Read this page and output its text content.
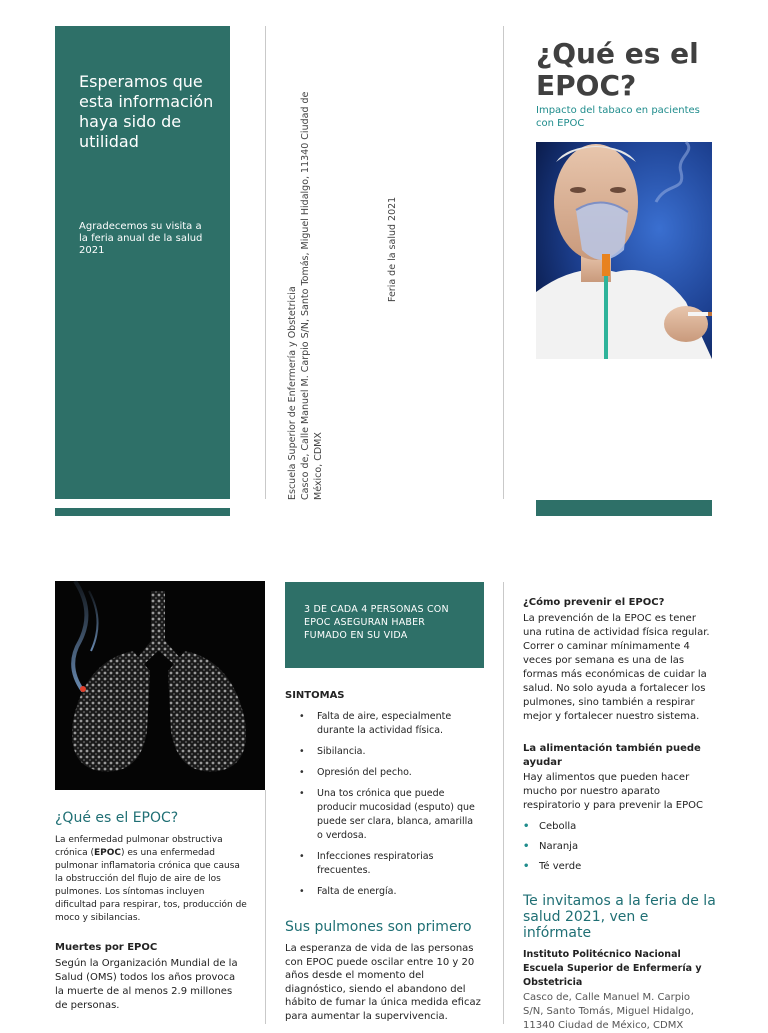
Esperamos que esta información haya sido de utilidad
Agradecemos su visita a la feria anual de la salud 2021
Escuela Superior de Enfermería y Obstetricia Casco de, Calle Manuel M. Carpio S/N, Santo Tomás, Miguel Hidalgo, 11340 Ciudad de México, CDMX
Feria de la salud 2021
¿Qué es el EPOC?
Impacto del tabaco en pacientes con EPOC
¿Qué es el EPOC?
La enfermedad pulmonar obstructiva crónica (EPOC) es una enfermedad pulmonar inflamatoria crónica que causa la obstrucción del flujo de aire de los pulmones. Los síntomas incluyen dificultad para respirar, tos, producción de moco y sibilancias.
Muertes por EPOC
Según la Organización Mundial de la Salud (OMS) todos los años provoca la muerte de al menos 2.9 millones de personas.
3 DE CADA 4 PERSONAS CON EPOC ASEGURAN HABER FUMADO EN SU VIDA
SINTOMAS
• Falta de aire, especialmente durante la actividad física.
• Sibilancia.
• Opresión del pecho.
• Una tos crónica que puede producir mucosidad (esputo) que puede ser clara, blanca, amarilla o verdosa.
• Infecciones respiratorias frecuentes.
• Falta de energía.
Sus pulmones son primero
La esperanza de vida de las personas con EPOC puede oscilar entre 10 y 20 años desde el momento del diagnóstico, siendo el abandono del hábito de fumar la única medida eficaz para aumentar la supervivencia.
¿Cómo prevenir el EPOC?
La prevención de la EPOC es tener una rutina de actividad física regular. Correr o caminar mínimamente 4 veces por semana es una de las formas más económicas de cuidar la salud. No solo ayuda a fortalecer los pulmones, sino también a respirar mejor y fortalecer nuestro sistema.
La alimentación también puede ayudar
Hay alimentos que pueden hacer mucho por nuestro aparato respiratorio y para prevenir la EPOC
• Cebolla
• Naranja
• Té verde
Te invitamos a la feria de la salud 2021, ven e infórmate
Instituto Politécnico Nacional Escuela Superior de Enfermería y Obstetricia
Casco de, Calle Manuel M. Carpio S/N, Santo Tomás, Miguel Hidalgo, 11340 Ciudad de México, CDMX
